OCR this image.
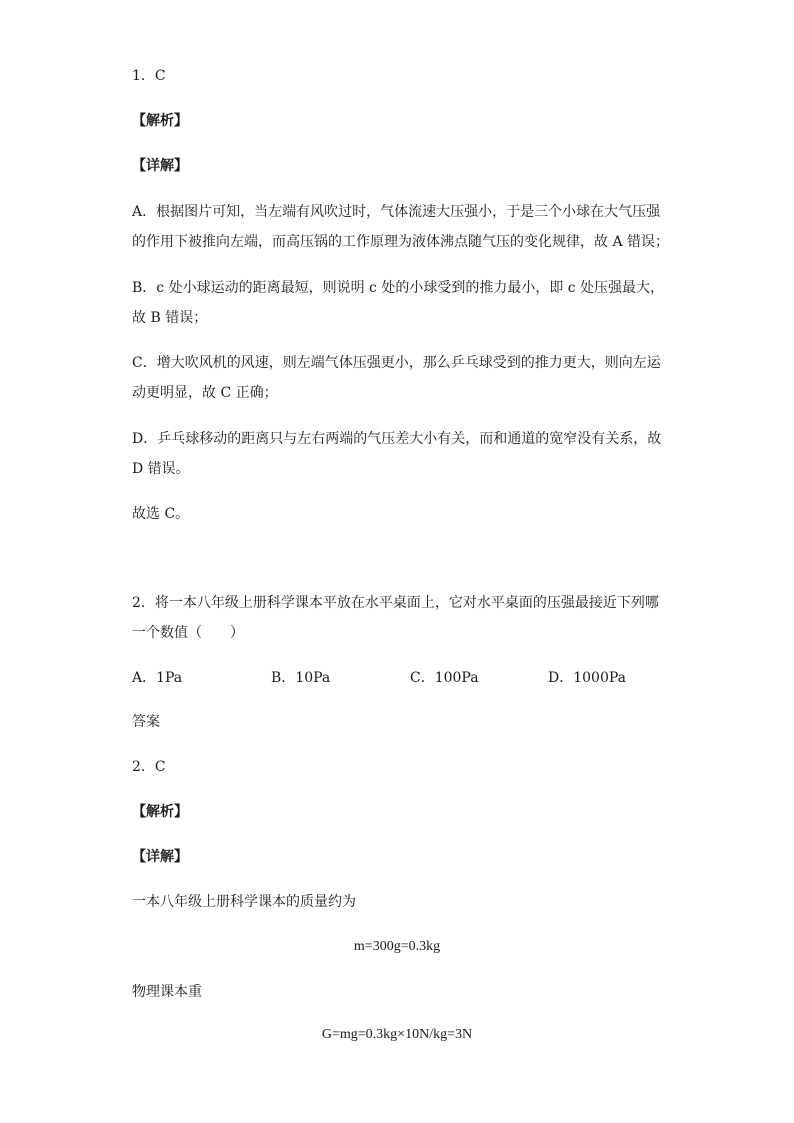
1．C
【解析】
【详解】
A．根据图片可知，当左端有风吹过时，气体流速大压强小，于是三个小球在大气压强
的作用下被推向左端，而高压锅的工作原理为液体沸点随气压的变化规律，故 A 错误；
B．c 处小球运动的距离最短，则说明 c 处的小球受到的推力最小，即 c 处压强最大，
故 B 错误；
C．增大吹风机的风速，则左端气体压强更小，那么乒乓球受到的推力更大，则向左运
动更明显，故 C 正确；
D．乒乓球移动的距离只与左右两端的气压差大小有关，而和通道的宽窄没有关系，故
D 错误。
故选 C。
2．将一本八年级上册科学课本平放在水平桌面上，它对水平桌面的压强最接近下列哪
一个数值（　　）
A．1Pa	B．10Pa	C．100Pa	D．1000Pa
答案
2．C
【解析】
【详解】
一本八年级上册科学课本的质量约为
m=300g=0.3kg
物理课本重
G=mg=0.3kg×10N/kg=3N
